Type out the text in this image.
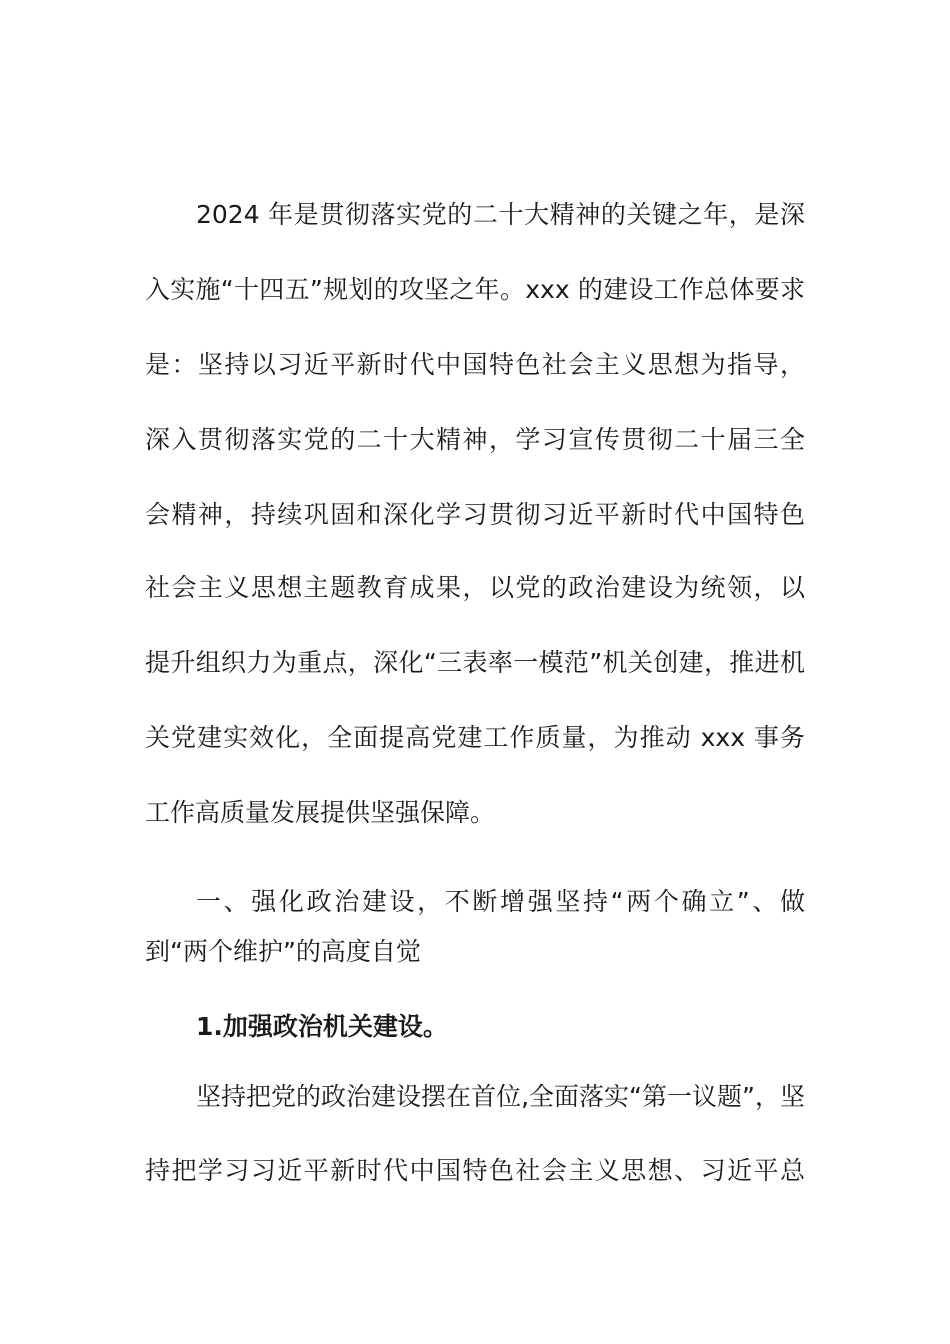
2024 年是贯彻落实党的二十大精神的关键之年，是深
入实施“十四五”规划的攻坚之年。xxx 的建设工作总体要求
是：坚持以习近平新时代中国特色社会主义思想为指导，
深入贯彻落实党的二十大精神，学习宣传贯彻二十届三全
会精神，持续巩固和深化学习贯彻习近平新时代中国特色
社会主义思想主题教育成果，以党的政治建设为统领，以
提升组织力为重点，深化“三表率一模范”机关创建，推进机
关党建实效化，全面提高党建工作质量，为推动 xxx 事务
工作高质量发展提供坚强保障。
一、强化政治建设，不断增强坚持“两个确立”、做
到“两个维护”的高度自觉
1.加强政治机关建设。
坚持把党的政治建设摆在首位,全面落实“第一议题”，坚
持把学习习近平新时代中国特色社会主义思想、习近平总
